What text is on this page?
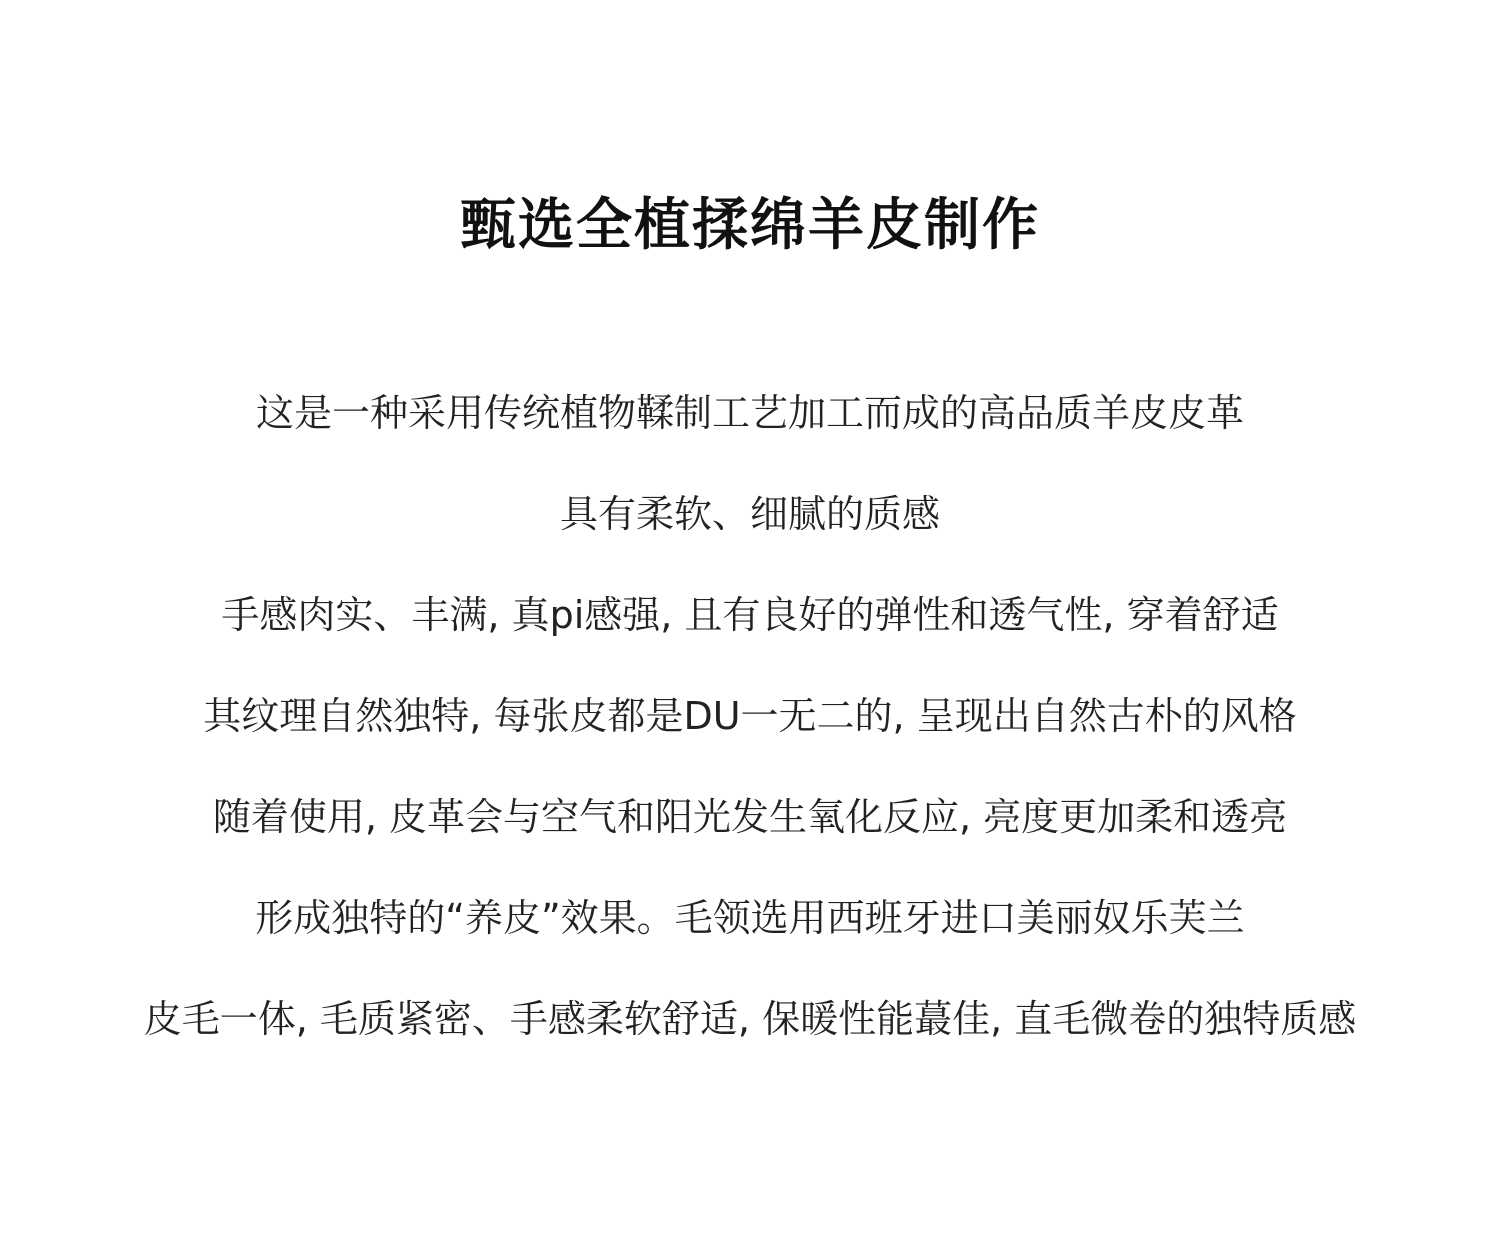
甄选全植揉绵羊皮制作
这是一种采用传统植物鞣制工艺加工而成的高品质羊皮皮革
具有柔软、细腻的质感
手感肉实、丰满, 真pi感强, 且有良好的弹性和透气性, 穿着舒适
其纹理自然独特, 每张皮都是DU一无二的, 呈现出自然古朴的风格
随着使用, 皮革会与空气和阳光发生氧化反应, 亮度更加柔和透亮
形成独特的“养皮”效果。毛领选用西班牙进口美丽奴乐芙兰
皮毛一体, 毛质紧密、手感柔软舒适, 保暖性能蕞佳, 直毛微卷的独特质感
